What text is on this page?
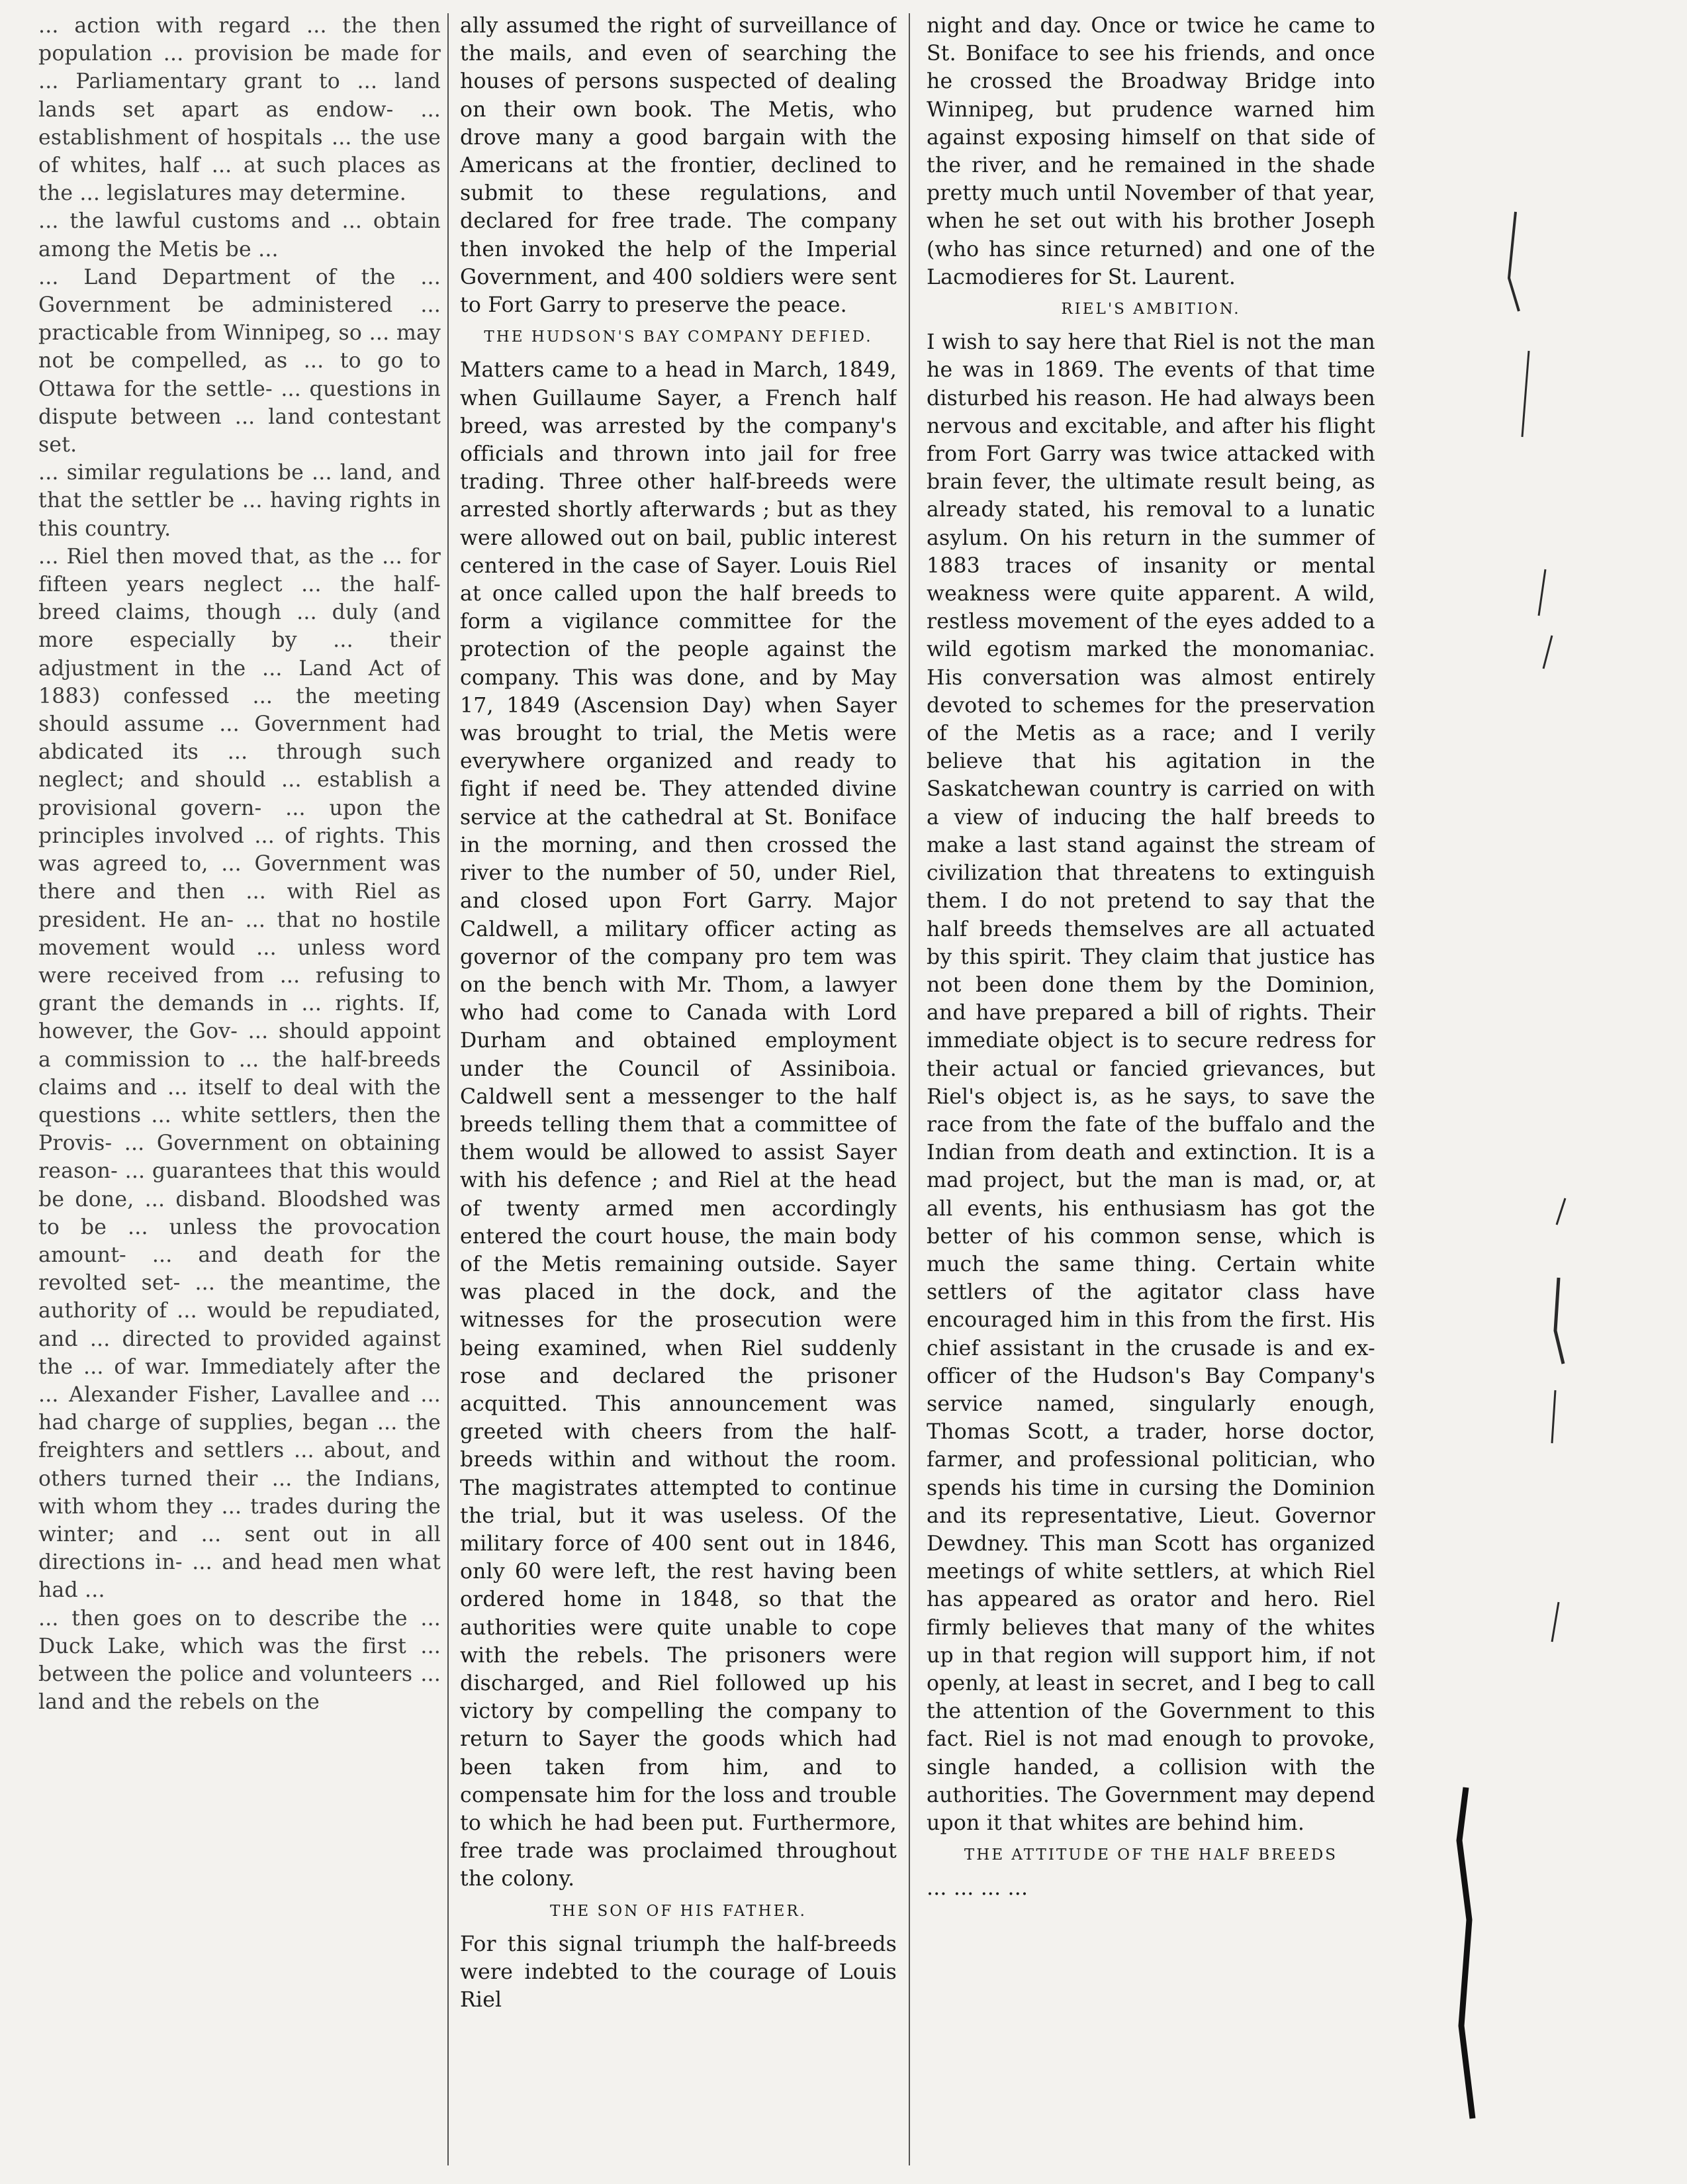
... action with regard ... the then population ... provision be made for ... Parliamentary grant to ... land lands set apart as endow- ... establishment of hospitals ... the use of whites, half ... at such places as the ... legislatures may determine.

... the lawful customs and ... obtain among the Metis be ...

... Land Department of the ... Government be administered ... practicable from Winnipeg, so ... may not be compelled, as ... to go to Ottawa for the settle- ... questions in dispute between ... land contestant set.

... similar regulations be ... land, and that the settler be ... having rights in this country.

... Riel then moved that, as the ... for fifteen years neglect ... the half-breed claims, though ... duly (and more especially by ... their adjustment in the ... Land Act of 1883) confessed ... the meeting should assume ... Government had abdicated its ... through such neglect; and should ... establish a provisional govern- ... upon the principles involved ... of rights. This was agreed to, ... Government was there and then ... with Riel as president. He an- ... that no hostile movement would ... unless word were received from ... refusing to grant the demands in ... rights. If, however, the Gov- ... should appoint a commission to ... the half-breeds claims and ... itself to deal with the questions ... white settlers, then the Provis- ... Government on obtaining reason- ... guarantees that this would be done, ... disband. Bloodshed was to be ... unless the provocation amount- ... and death for the revolted set- ... the meantime, the authority of ... would be repudiated, and ... directed to provided against the ... of war. Immediately after the ... Alexander Fisher, Lavallee and ... had charge of supplies, began ... the freighters and settlers ... about, and others turned their ... the Indians, with whom they ... trades during the winter; and ... sent out in all directions in- ... and head men what had ...

... then goes on to describe the ... Duck Lake, which was the first ... between the police and volunteers ... land and the rebels on the

ally assumed the right of surveillance of the mails, and even of searching the houses of persons suspected of dealing on their own book. The Metis, who drove many a good bargain with the Americans at the frontier, declined to submit to these regulations, and declared for free trade. The company then invoked the help of the Imperial Government, and 400 soldiers were sent to Fort Garry to preserve the peace.

THE HUDSON'S BAY COMPANY DEFIED.

Matters came to a head in March, 1849, when Guillaume Sayer, a French half breed, was arrested by the company's officials and thrown into jail for free trading. Three other half-breeds were arrested shortly afterwards ; but as they were allowed out on bail, public interest centered in the case of Sayer. Louis Riel at once called upon the half breeds to form a vigilance committee for the protection of the people against the company. This was done, and by May 17, 1849 (Ascension Day) when Sayer was brought to trial, the Metis were everywhere organized and ready to fight if need be. They attended divine service at the cathedral at St. Boniface in the morning, and then crossed the river to the number of 50, under Riel, and closed upon Fort Garry. Major Caldwell, a military officer acting as governor of the company pro tem was on the bench with Mr. Thom, a lawyer who had come to Canada with Lord Durham and obtained employment under the Council of Assiniboia. Caldwell sent a messenger to the half breeds telling them that a committee of them would be allowed to assist Sayer with his defence ; and Riel at the head of twenty armed men accordingly entered the court house, the main body of the Metis remaining outside. Sayer was placed in the dock, and the witnesses for the prosecution were being examined, when Riel suddenly rose and declared the prisoner acquitted. This announcement was greeted with cheers from the half-breeds within and without the room. The magistrates attempted to continue the trial, but it was useless. Of the military force of 400 sent out in 1846, only 60 were left, the rest having been ordered home in 1848, so that the authorities were quite unable to cope with the rebels. The prisoners were discharged, and Riel followed up his victory by compelling the company to return to Sayer the goods which had been taken from him, and to compensate him for the loss and trouble to which he had been put. Furthermore, free trade was proclaimed throughout the colony.

THE SON OF HIS FATHER.

For this signal triumph the half-breeds were indebted to the courage of Louis Riel

night and day. Once or twice he came to St. Boniface to see his friends, and once he crossed the Broadway Bridge into Winnipeg, but prudence warned him against exposing himself on that side of the river, and he remained in the shade pretty much until November of that year, when he set out with his brother Joseph (who has since returned) and one of the Lacmodieres for St. Laurent.

RIEL'S AMBITION.

I wish to say here that Riel is not the man he was in 1869. The events of that time disturbed his reason. He had always been nervous and excitable, and after his flight from Fort Garry was twice attacked with brain fever, the ultimate result being, as already stated, his removal to a lunatic asylum. On his return in the summer of 1883 traces of insanity or mental weakness were quite apparent. A wild, restless movement of the eyes added to a wild egotism marked the monomaniac. His conversation was almost entirely devoted to schemes for the preservation of the Metis as a race; and I verily believe that his agitation in the Saskatchewan country is carried on with a view of inducing the half breeds to make a last stand against the stream of civilization that threatens to extinguish them. I do not pretend to say that the half breeds themselves are all actuated by this spirit. They claim that justice has not been done them by the Dominion, and have prepared a bill of rights. Their immediate object is to secure redress for their actual or fancied grievances, but Riel's object is, as he says, to save the race from the fate of the buffalo and the Indian from death and extinction. It is a mad project, but the man is mad, or, at all events, his enthusiasm has got the better of his common sense, which is much the same thing. Certain white settlers of the agitator class have encouraged him in this from the first. His chief assistant in the crusade is and ex-officer of the Hudson's Bay Company's service named, singularly enough, Thomas Scott, a trader, horse doctor, farmer, and professional politician, who spends his time in cursing the Dominion and its representative, Lieut. Governor Dewdney. This man Scott has organized meetings of white settlers, at which Riel has appeared as orator and hero. Riel firmly believes that many of the whites up in that region will support him, if not openly, at least in secret, and I beg to call the attention of the Government to this fact. Riel is not mad enough to provoke, single handed, a collision with the authorities. The Government may depend upon it that whites are behind him.

THE ATTITUDE OF THE HALF BREEDS

... ... ... ...
